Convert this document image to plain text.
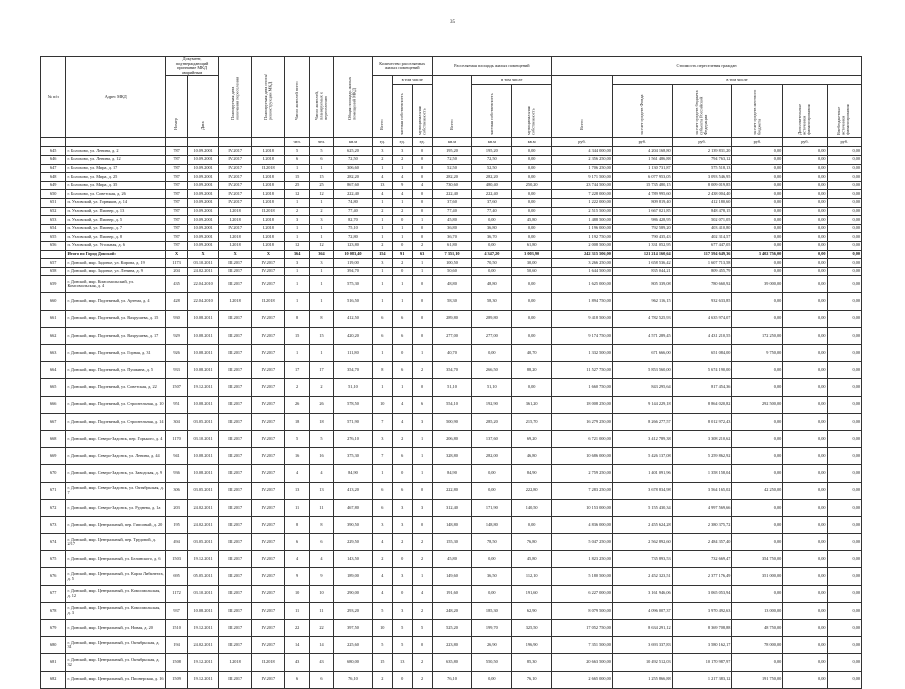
35
№ п/п	Адрес МКД	Документ, подтверждающий признание МКД аварийным		Планируемая дата окончания переселения	Планируемая дата сноса/ реконструкции МКД	Число жителей всего	Число жителей, планируемых к переселению	Общая площадь жилых помещений МКД	Количество расселяемых жилых помещений			Расселяемая площадь жилых помещений			Стоимость переселения граждан					
		Номер	Дата						Всего	в том числе		Всего	в том числе		Всего	в том числе				
										частная собственность	муниципальная собственность		частная собственность	муниципальная собственность		за счет средств Фонда	за счет средств бюджета субъекта Российской Федерации	за счет средств местного бюджета	Дополнительные источники финансирования	Внебюджетные источники финансирования
						чел.	чел.	кв.м	ед.	ед.	ед.	кв.м	кв.м	кв.м	руб.	руб.	руб.	руб.	руб.	руб.
645	г. Болохово, ул. Ленина, д. 2	787	10.09.2001	IV.2017	I.2018	5	5	625,20	3	3	0	195,20	195,20	0,00	4 344 000,00	4 204 168,80	2 139 831,20	0,00	0,00	0,00
646	г. Болохово, ул. Ленина, д. 12	787	10.09.2001	IV.2017	I.2018	6	6	72,50	2	2	0	72,50	72,50	0,00	2 356 250,00	1 561 486,88	794 763,12	0,00	0,00	0,00
647	г. Болохово, ул. Мира, д. 17	787	10.09.2001	IV.2017	II.2018	1	1	306,60	1	1	0	52,50	52,50	0,00	1 706 250,00	1 130 731,87	575 518,13	0,00	0,00	0,00
648	г. Болохово, ул. Мира, д. 25	787	10.09.2001	IV.2017	I.2018	15	15	282,20	4	4	0	282,20	282,20	0,00	9 171 500,00	6 077 953,05	3 093 546,95	0,00	0,00	0,00
649	г. Болохово, ул. Мира, д. 35	787	10.09.2001	IV.2017	I.2018	25	25	867,60	13	9	4	730,60	480,40	250,20	23 744 500,00	15 735 480,15	8 009 019,85	0,00	0,00	0,00
650	г. Болохово, ул. Советская, д. 26	787	10.09.2001	IV.2017	I.2018	12	12	222,40	4	4	0	222,40	222,40	0,00	7 228 000,00	4 789 995,60	2 438 004,40	0,00	0,00	0,00
651	п. Узловский, ул. Горняков, д. 14	787	10.09.2001	IV.2017	I.2018	1	1	74,80	1	1	0	37,60	37,60	0,00	1 222 000,00	809 819,40	412 180,60	0,00	0,00	0,00
652	п. Узловский, ул. Пионер, д. 13	787	10.09.2001	I.2018	II.2018	2	2	77,40	2	2	0	77,40	77,40	0,00	2 515 500,00	1 667 021,85	848 478,15	0,00	0,00	0,00
653	п. Узловский, ул. Пионер, д. 5	787	10.09.2001	I.2018	I.2018	3	3	82,70	1	0	1	45,80	0,00	45,80	1 488 500,00	986 428,95	502 071,05	0,00	0,00	0,00
654	п. Узловский, ул. Пионер, д. 7	787	10.09.2001	IV.2017	I.2018	1	1	75,10	1	1	0	36,80	36,80	0,00	1 196 000,00	792 589,20	403 410,80	0,00	0,00	0,00
655	п. Узловский, ул. Пионер, д. 8	787	10.09.2001	I.2018	I.2018	1	1	72,80	1	1	0	36,70	36,70	0,00	1 192 750,00	790 435,43	402 314,57	0,00	0,00	0,00
656	п. Узловский, ул. Угольная, д. 6	787	10.09.2001	I.2018	I.2018	12	12	123,80	2	0	2	61,80	0,00	61,80	2 008 500,00	1 331 052,95	677 447,05	0,00	0,00	0,00
	Итого по Город Донской:	X	X	X	X	364	364	10 083,40	154	91	63	7 351,10	4 347,20	3 003,90	242 315 506,00	121 214 160,64	117 594 649,36	3 402 756,00	0,00	0,00
657	г. Донской, мкр. Задонье, ул. Кирова, д. 19	1173	03.10.2011	III.2017	IV.2017	3	3	119,00	3	2	1	100,50	70,50	30,00	3 266 250,00	1 658 536,42	1 607 713,58	0,00	0,00	0,00
658	г. Донской, мкр. Задонье, ул. Ленина, д. 9	204	24.02.2011	III.2017	IV.2017	1	1	394,70	1	0	1	50,60	0,00	50,60	1 644 500,00	835 044,21	809 455,79	0,00	0,00	0,00
659	г. Донской, мкр. Комсомольский, ул. Комсомольская, д. 4	435	22.04.2010	III.2017	IV.2017	1	1	575,30	1	1	0	48,80	48,80	0,00	1 625 000,00	805 339,08	780 660,92	39 000,00	0,00	0,00
660	г. Донской, мкр. Подземный, ул. Артема, д. 4	428	22.04.2010	I.2018	II.2018	1	1	516,50	1	1	0	58,30	58,30	0,00	1 894 750,00	962 116,15	932 633,85	0,00	0,00	0,00
661	г. Донской, мкр. Подземный, ул. Вахрушева, д. 15	930	10.08.2011	III.2017	IV.2017	8	8	412,50	6	6	0	289,80	289,80	0,00	9 418 500,00	4 782 525,93	4 635 974,07	0,00	0,00	0,00
662	г. Донской, мкр. Подземный, ул. Вахрушева, д. 17	929	10.08.2011	III.2017	IV.2017	15	15	420,20	6	6	0	277,00	277,00	0,00	9 174 750,00	4 571 289,45	4 431 210,55	172 250,00	0,00	0,00
663	г. Донской, мкр. Подземный, ул. Горная, д. 31	926	10.08.2011	III.2017	IV.2017	1	1	111,80	1	0	1	40,70	0,00	40,70	1 332 500,00	671 666,00	651 084,00	9 750,00	0,00	0,00
664	г. Донской, мкр. Подземный, ул. Пушкина, д. 5	933	10.08.2011	III.2017	IV.2017	17	17	354,70	8	6	2	354,70	266,50	88,20	11 527 750,00	5 853 560,00	5 674 190,00	0,00	0,00	0,00
665	г. Донской, мкр. Подземный, ул. Советская, д. 22	1507	19.12.2011	III.2017	IV.2017	2	2	51,10	1	1	0	51,10	51,10	0,00	1 660 750,00	843 295,64	817 454,36	0,00	0,00	0,00
666	г. Донской, мкр. Подземный, ул. Строительная, д. 10	951	10.08.2011	III.2017	IV.2017	26	26	578,50	10	4	6	554,10	192,90	361,20	18 008 250,00	9 144 229,18	8 864 020,82	292 500,00	0,00	0,00
667	г. Донской, мкр. Подземный, ул. Строительная, д. 14	304	03.05.2011	III.2017	IV.2017	18	18	571,90	7	4	3	500,90	285,20	215,70	16 279 250,00	8 266 277,57	8 012 972,43	0,00	0,00	0,00
668	г. Донской, мкр. Северо-Задонск, пер. Горького, д. 4	1170	03.10.2011	III.2017	IV.2017	5	5	276,10	3	2	1	206,80	137,60	69,20	6 721 000,00	3 412 789,38	3 308 210,62	0,00	0,00	0,00
669	г. Донской, мкр. Северо-Задонск, ул. Ленина, д. 44	941	10.08.2011	III.2017	IV.2017	16	16	375,30	7	6	1	328,80	282,00	46,80	10 686 000,00	5 426 137,08	5 259 862,92	0,00	0,00	0,00
670	г. Донской, мкр. Северо-Задонск, ул. Заводская, д. 9	936	10.08.2011	III.2017	IV.2017	4	4	84,90	1	0	1	84,90	0,00	84,90	2 759 250,00	1 401 091,96	1 358 158,04	0,00	0,00	0,00
671	г. Донской, мкр. Северо-Задонск, ул. Октябрьская, д. 7	306	03.05.2011	III.2017	IV.2017	13	13	413,20	6	6	0	222,80	0,00	222,80	7 283 250,00	3 678 834,98	3 564 165,02	42 250,00	0,00	0,00
672	г. Донской, мкр. Северо-Задонск, ул. Руднева, д. 1а	203	24.02.2011	III.2017	IV.2017	11	11	467,80	6	3	3	312,40	171,90	140,50	10 153 000,00	5 155 430,34	4 997 569,66	0,00	0,00	0,00
673	г. Донской, мкр. Центральный, пер. Гипсовый, д. 20	195	24.02.2011	III.2017	IV.2017	8	8	390,50	3	3	0	148,80	148,80	0,00	4 836 000,00	2 455 624,28	2 380 375,72	0,00	0,00	0,00
674	г. Донской, мкр. Центральный, пер. Трудовой, д. 2/17	494	03.05.2011	III.2017	IV.2017	6	6	229,50	4	2	2	155,30	78,50	76,80	5 047 250,00	2 562 892,60	2 484 357,40	0,00	0,00	0,00
675	г. Донской, мкр. Центральный, ул. Белинского, д. 6	1503	19.12.2011	III.2017	IV.2017	4	4	143,50	2	0	2	45,80	0,00	45,80	1 823 250,00	735 893,53	732 669,47	354 750,00	0,00	0,00
676	г. Донской, мкр. Центральный, ул. Карла Либкнехта, д. 5	695	05.05.2011	III.2017	IV.2017	9	9	189,00	4	3	1	149,60	36,50	112,10	5 180 500,00	2 452 323,51	2 377 176,49	351 000,00	0,00	0,00
677	г. Донской, мкр. Центральный, ул. Комсомольская, д. 12	1172	03.10.2011	III.2017	IV.2017	10	10	290,00	4	0	4	191,60	0,00	191,60	6 227 000,00	3 161 946,06	3 065 053,94	0,00	0,00	0,00
678	г. Донской, мкр. Центральный, ул. Комсомольская, д. 3	937	10.08.2011	III.2017	IV.2017	11	11	293,20	5	3	2	248,20	185,30	62,90	8 079 500,00	4 096 007,37	3 970 492,63	13 000,00	0,00	0,00
679	г. Донской, мкр. Центральный, ул. Новая, д. 20	1510	19.12.2011	III.2017	IV.2017	22	22	397,50	10	5	5	525,20	199,70	325,50	17 052 750,00	8 634 291,12	8 369 708,88	48 750,00	0,00	0,00
680	г. Донской, мкр. Центральный, ул. Октябрьская, д. 31	194	24.02.2011	III.2017	IV.2017	14	14	225,60	5	5	0	223,80	26,90	196,90	7 351 500,00	3 693 337,83	3 580 162,17	78 000,00	0,00	0,00
681	г. Донской, мкр. Центральный, ул. Октябрьская, д. 32	1508	19.12.2011	I.2018	II.2018	43	43	680,00	15	13	2	635,80	550,50	85,30	20 663 500,00	10 492 512,03	10 170 987,97	0,00	0,00	0,00
682	г. Донской, мкр. Центральный, ул. Пионерская, д. 16	1509	19.12.2011	III.2017	IV.2017	6	6	76,10	2	0	2	76,10	0,00	76,10	2 665 000,00	1 255 866,88	1 217 383,12	191 750,00	0,00	0,00
